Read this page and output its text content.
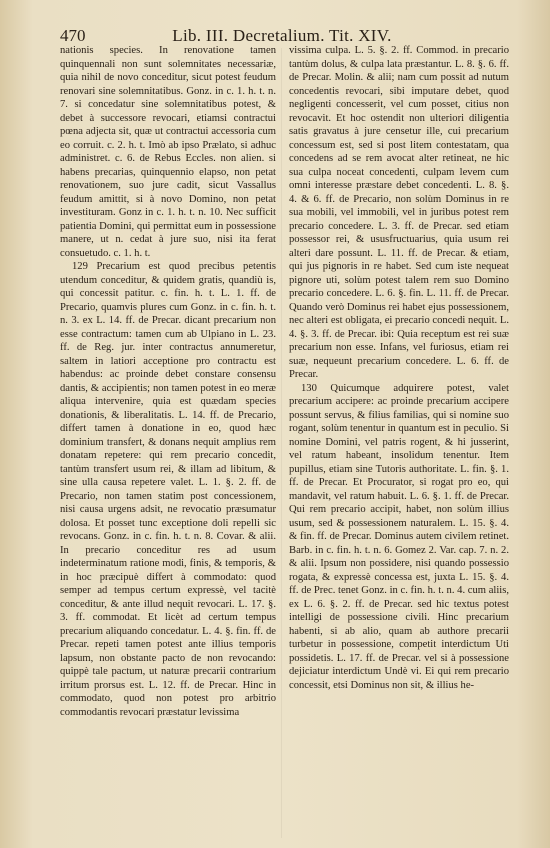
470	Lib. III. Decretalium. Tit. XIV.

nationis species. In renovatione tamen quinquennali non sunt solemnitates necessariæ, quia nihil de novo conceditur, sicut potest feudum renovari sine solemnitatibus. Gonz. in c. 1. h. t. n. 7. si concedatur sine solemnitatibus potest, & debet à successore revocari, etiamsi contractui pœna adjecta sit, quæ ut contractui accessoria cum eo corruit. c. 2. h. t. Imò ab ipso Prælato, si adhuc administret. c. 6. de Rebus Eccles. non alien. si habens precarias, quinquennio elapso, non petat renovationem, suo jure cadit, sicut Vassallus feudum amittit, si à novo Domino, non petat investituram. Gonz in c. 1. h. t. n. 10. Nec sufficit patientia Domini, qui permittat eum in possessione manere, ut n. cedat à jure suo, nisi ita ferat consuetudo. c. 1. h. t.

129 Precarium est quod precibus petentis utendum conceditur, & quidem gratis, quandiù is, qui concessit patitur. c. fin. h. t. L. 1. ff. de Precario, quamvis plures cum Gonz. in c. fin. h. t. n. 3. ex L. 14. ff. de Precar. dicant precarium non esse contractum: tamen cum ab Ulpiano in L. 23. ff. de Reg. jur. inter contractus annumeretur, saltem in latiori acceptione pro contractu est habendus: ac proinde debet constare consensu dantis, & accipientis; non tamen potest in eo meræ aliqua intervenire, quia est quædam species donationis, & liberalitatis. L. 14. ff. de Precario, differt tamen à donatione in eo, quod hæc dominium transfert, & donans nequit amplius rem donatam repetere: qui rem precario concedit, tantùm transfert usum rei, & illam ad libitum, & sine ulla causa repetere valet. L. 1. §. 2. ff. de Precario, non tamen statim post concessionem, nisi causa urgens adsit, ne revocatio præsumatur dolosa. Et posset tunc exceptione doli repelli sic revocans. Gonz. in c. fin. h. t. n. 8. Covar. & alii. In precario conceditur res ad usum indeterminatum ratione modi, finis, & temporis, & in hoc præcipuè differt à commodato: quod semper ad tempus certum expressè, vel tacitè conceditur, & ante illud nequit revocari. L. 17. §. 3. ff. commodat. Et licèt ad certum tempus precarium aliquando concedatur. L. 4. §. fin. ff. de Precar. repeti tamen potest ante illius temporis lapsum, non obstante pacto de non revocando: quippè tale pactum, ut naturæ precarii contrarium irritum prorsus est. L. 12. ff. de Precar. Hinc in commodato, quod non potest pro arbitrio commodantis revocari præstatur levissima

vissima culpa. L. 5. §. 2. ff. Commod. in precario tantùm dolus, & culpa lata præstantur. L. 8. §. 6. ff. de Precar. Molin. & alii; nam cum possit ad nutum concedentis revocari, sibi imputare debet, quod negligenti concesserit, vel cum posset, citius non revocavit. Et hoc ostendit non ulteriori diligentia satis gravatus à jure censetur ille, cui precarium concessum est, sed si post litem contestatam, qua concedens ad se rem avocat alter retineat, ne hic sua culpa noceat concedenti, culpam levem cum omni interesse præstare debet concedenti. L. 8. §. 4. & 6. ff. de Precario, non solùm Dominus in re sua mobili, vel immobili, vel in juribus potest rem precario concedere. L. 3. ff. de Precar. sed etiam possessor rei, & ususfructuarius, quia usum rei alteri dare possunt. L. 11. ff. de Precar. & etiam, qui jus pignoris in re habet. Sed cum iste nequeat pignore uti, solùm potest talem rem suo Domino precario concedere. L. 6. §. fin. L. 11. ff. de Precar. Quando verò Dominus rei habet ejus possessionem, nec alteri est obligata, ei precario concedi nequit. L. 4. §. 3. ff. de Precar. ibi: Quia receptum est rei suæ precarium non esse. Infans, vel furiosus, etiam rei suæ, nequeunt precarium concedere. L. 6. ff. de Precar.

130 Quicumque adquirere potest, valet precarium accipere: ac proinde precarium accipere possunt servus, & filius familias, qui si nomine suo rogant, solùm tenentur in quantum est in peculio. Si nomine Domini, vel patris rogent, & hi jusserint, vel ratum habeant, insolidum tenentur. Item pupillus, etiam sine Tutoris authoritate. L. fin. §. 1. ff. de Precar. Et Procurator, si rogat pro eo, qui mandavit, vel ratum habuit. L. 6. §. 1. ff. de Precar. Qui rem precario accipit, habet, non solùm illius usum, sed & possessionem naturalem. L. 15. §. 4. & fin. ff. de Precar. Dominus autem civilem retinet. Barb. in c. fin. h. t. n. 6. Gomez 2. Var. cap. 7. n. 2. & alii. Ipsum non possidere, nisi quando possessio rogata, & expressè concessa est, juxta L. 15. §. 4. ff. de Prec. tenet Gonz. in c. fin. h. t. n. 4. cum aliis, ex L. 6. §. 2. ff. de Precar. sed hic textus potest intelligi de possessione civili. Hinc precarium habenti, si ab alio, quam ab authore precarii turbetur in possessione, competit interdictum Uti possidetis. L. 17. ff. de Precar. vel si à possessione dejiciatur interdictum Undè vi. Ei qui rem precario concessit, etsi Dominus non sit, & illius he-
